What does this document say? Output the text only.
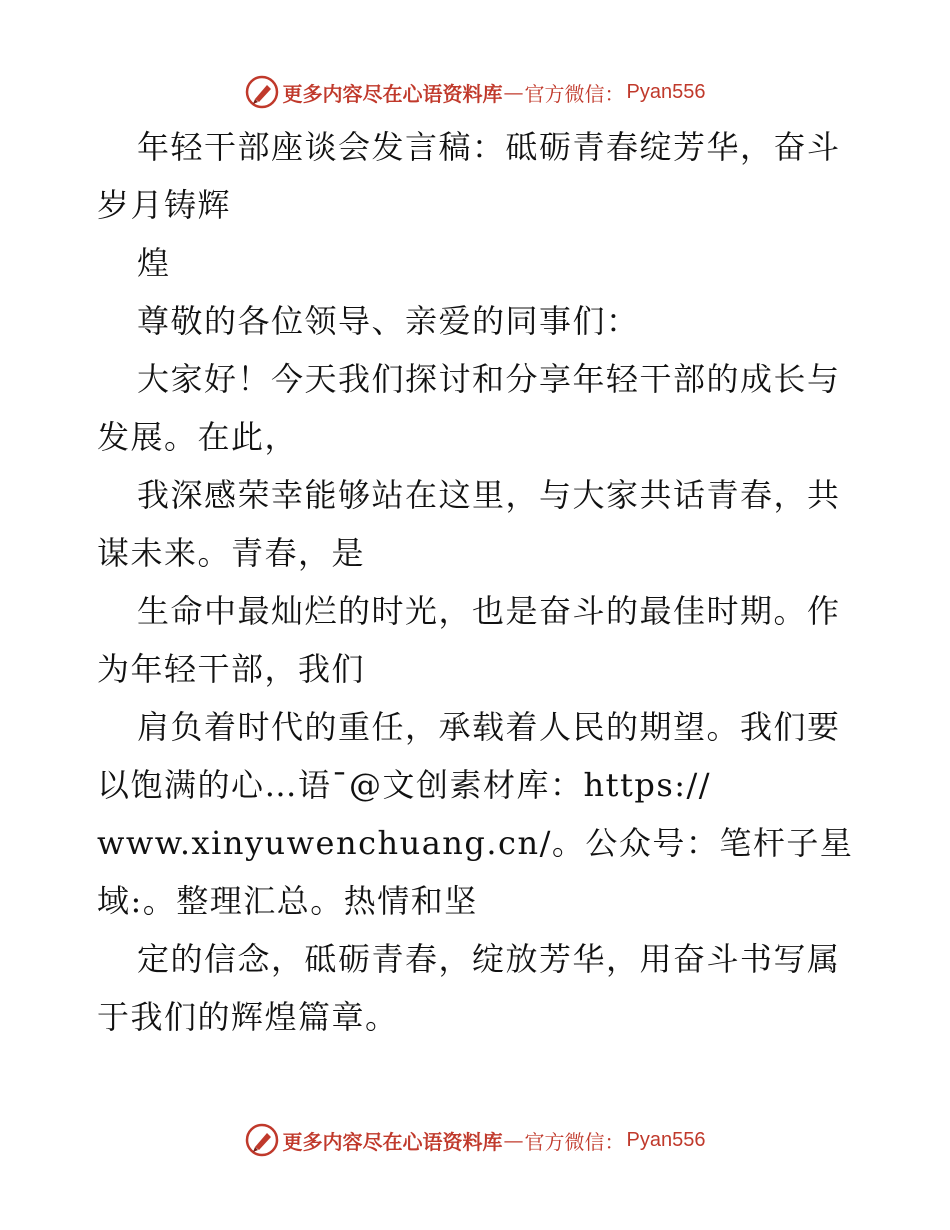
更多内容尽在心语资料库 — 官方微信： Pyan556

年轻干部座谈会发言稿：砥砺青春绽芳华，奋斗

岁月铸辉

煌

尊敬的各位领导、亲爱的同事们：

大家好！今天我们探讨和分享年轻干部的成长与

发展。在此，

我深感荣幸能够站在这里，与大家共话青春，共

谋未来。青春，是

生命中最灿烂的时光，也是奋斗的最佳时期。作

为年轻干部，我们

肩负着时代的重任，承载着人民的期望。我们要

以饱满的心…语¯@文创素材库：https://

www.xinyuwenchuang.cn/。公众号：笔杆子星

域:。整理汇总。热情和坚

定的信念，砥砺青春，绽放芳华，用奋斗书写属

于我们的辉煌篇章。

更多内容尽在心语资料库 — 官方微信： Pyan556
